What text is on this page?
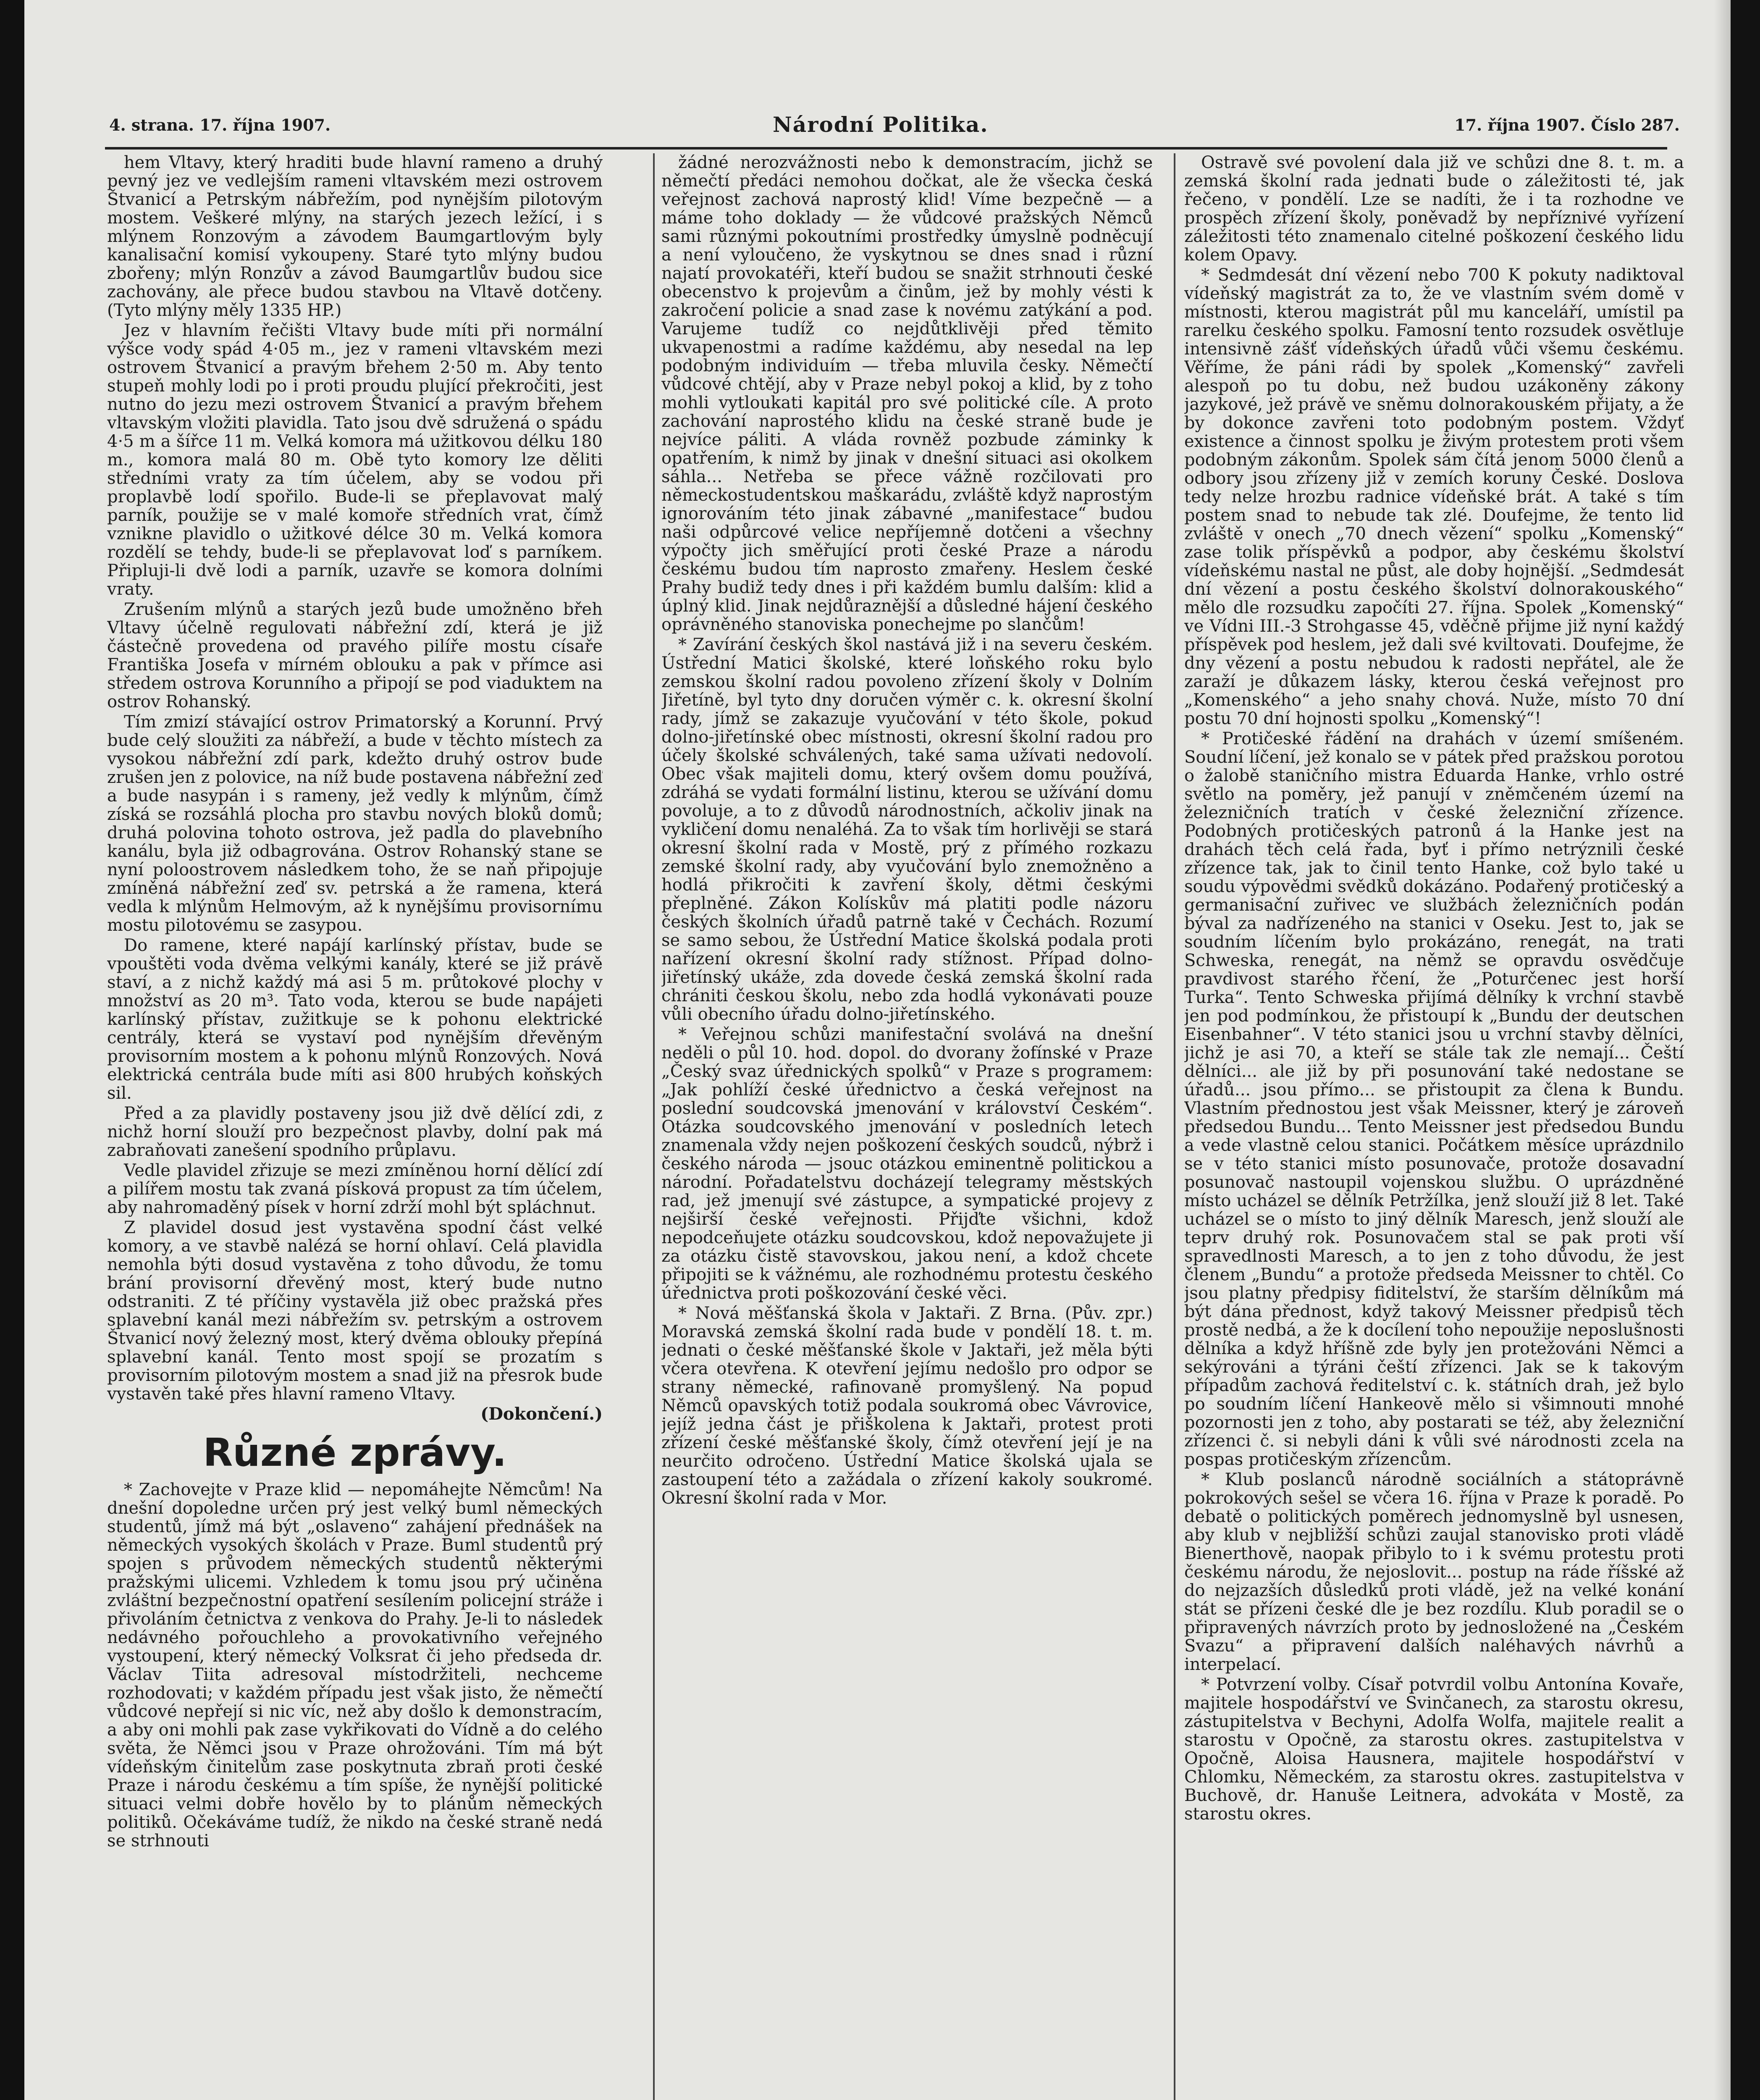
4. strana. 17. října 1907.	Národní Politika.	17. října 1907. Číslo 287.

hem Vltavy, který hraditi bude hlavní rameno a druhý pevný jez ve vedlejším rameni vltavském mezi ostrovem Štvanicí a Petrským nábřežím, pod nynějším pilotovým mostem. Veškeré mlýny, na starých jezech ležící, i s mlýnem Ronzovým a závodem Baumgartlovým byly kanalisační komisí vykoupeny. Staré tyto mlýny budou zbořeny; mlýn Ronzův a závod Baumgartlův budou sice zachovány, ale přece budou stavbou na Vltavě dotčeny. (Tyto mlýny měly 1335 HP.)

Jez v hlavním řečišti Vltavy bude míti při normální výšce vody spád 4·05 m., jez v rameni vltavském mezi ostrovem Štvanicí a pravým břehem 2·50 m. Aby tento stupeň mohly lodi po i proti proudu plující překročiti, jest nutno do jezu mezi ostrovem Štvanicí a pravým břehem vltavským vložiti plavidla. Tato jsou dvě sdružená o spádu 4·5 m a šířce 11 m. Velká komora má užitkovou délku 180 m., komora malá 80 m. Obě tyto komory lze děliti středními vraty za tím účelem, aby se vodou při proplavbě lodí spořilo. Bude-li se přeplavovat malý parník, použije se v malé komoře středních vrat, čímž vznikne plavidlo o užitkové délce 30 m. Velká komora rozdělí se tehdy, bude-li se přeplavovat loď s parníkem. Připluji-li dvě lodi a parník, uzavře se komora dolními vraty.

Zrušením mlýnů a starých jezů bude umožněno břeh Vltavy účelně regulovati nábřežní zdí, která je již částečně provedena od pravého pilíře mostu císaře Františka Josefa v mírném oblouku a pak v přímce asi středem ostrova Korunního a připojí se pod viaduktem na ostrov Rohanský.

Tím zmizí stávající ostrov Primatorský a Korunní. Prvý bude celý sloužiti za nábřeží, a bude v těchto místech za vysokou nábřežní zdí park, kdežto druhý ostrov bude zrušen jen z polovice, na níž bude postavena nábřežní zeď a bude nasypán i s rameny, jež vedly k mlýnům, čímž získá se rozsáhlá plocha pro stavbu nových bloků domů; druhá polovina tohoto ostrova, jež padla do plavebního kanálu, byla již odbagrována. Ostrov Rohanský stane se nyní poloostrovem následkem toho, že se naň připojuje zmíněná nábřežní zeď sv. petrská a že ramena, která vedla k mlýnům Helmovým, až k nynějšímu provisornímu mostu pilotovému se zasypou.

Do ramene, které napájí karlínský přístav, bude se vpouštěti voda dvěma velkými kanály, které se již právě staví, a z nichž každý má asi 5 m. průtokové plochy v množství as 20 m³. Tato voda, kterou se bude napájeti karlínský přístav, zužitkuje se k pohonu elektrické centrály, která se vystaví pod nynějším dřevěným provisorním mostem a k pohonu mlýnů Ronzových. Nová elektrická centrála bude míti asi 800 hrubých koňských sil.

Před a za plavidly postaveny jsou již dvě dělící zdi, z nichž horní slouží pro bezpečnost plavby, dolní pak má zabraňovati zanešení spodního průplavu.

Vedle plavidel zřizuje se mezi zmíněnou horní dělící zdí a pilířem mostu tak zvaná písková propust za tím účelem, aby nahromaděný písek v horní zdrží mohl být spláchnut.

Z plavidel dosud jest vystavěna spodní část velké komory, a ve stavbě nalézá se horní ohlaví. Celá plavidla nemohla býti dosud vystavěna z toho důvodu, že tomu brání provisorní dřevěný most, který bude nutno odstraniti. Z té příčiny vystavěla již obec pražská přes splavební kanál mezi nábřežím sv. petrským a ostrovem Štvanicí nový železný most, který dvěma oblouky přepíná splavební kanál. Tento most spojí se prozatím s provisorním pilotovým mostem a snad již na přesrok bude vystavěn také přes hlavní rameno Vltavy.

(Dokončení.)
Různé zprávy.

* Zachovejte v Praze klid — nepomáhejte Němcům! Na dnešní dopoledne určen prý jest velký buml německých studentů, jímž má být „oslaveno“ zahájení přednášek na německých vysokých školách v Praze. Buml studentů prý spojen s průvodem německých studentů některými pražskými ulicemi. Vzhledem k tomu jsou prý učiněna zvláštní bezpečnostní opatření sesílením policejní stráže i přivoláním četnictva z venkova do Prahy. Je-li to následek nedávného pořouchleho a provokativního veřejného vystoupení, který německý Volksrat či jeho předseda dr. Václav Tiita adresoval místodržiteli, nechceme rozhodovati; v každém případu jest však jisto, že němečtí vůdcové nepřejí si nic víc, než aby došlo k demonstracím, a aby oni mohli pak zase vykřikovati do Vídně a do celého světa, že Němci jsou v Praze ohrožováni. Tím má být vídeňským činitelům zase poskytnuta zbraň proti české Praze i národu českému a tím spíše, že nynější politické situaci velmi dobře hovělo by to plánům německých politiků. Očekáváme tudíž, že nikdo na české straně nedá se strhnouti

žádné nerozvážnosti nebo k demonstracím, jichž se němečtí předáci nemohou dočkat, ale že všecka česká veřejnost zachová naprostý klid! Víme bezpečně — a máme toho doklady — že vůdcové pražských Němců sami různými pokoutními prostředky úmyslně podněcují a není vyloučeno, že vyskytnou se dnes snad i různí najatí provokatéři, kteří budou se snažit strhnouti české obecenstvo k projevům a činům, jež by mohly vésti k zakročení policie a snad zase k novému zatýkání a pod. Varujeme tudíž co nejdůtklivěji před těmito ukvapenostmi a radíme každému, aby nesedal na lep podobným individuím — třeba mluvila česky. Němečtí vůdcové chtějí, aby v Praze nebyl pokoj a klid, by z toho mohli vytloukati kapitál pro své politické cíle. A proto zachování naprostého klidu na české straně bude je nejvíce páliti. A vláda rovněž pozbude záminky k opatřením, k nimž by jinak v dnešní situaci asi okolkem sáhla... Netřeba se přece vážně rozčilovati pro německostudentskou maškarádu, zvláště když naprostým ignorováním této jinak zábavné „manifestace“ budou naši odpůrcové velice nepříjemně dotčeni a všechny výpočty jich směřující proti české Praze a národu českému budou tím naprosto zmařeny. Heslem české Prahy budiž tedy dnes i při každém bumlu dalším: klid a úplný klid. Jinak nejdůraznější a důsledné hájení českého oprávněného stanoviska ponechejme po slančům!

* Zavírání českých škol nastává již i na severu českém. Ústřední Matici školské, které loňského roku bylo zemskou školní radou povoleno zřízení školy v Dolním Jiřetíně, byl tyto dny doručen výměr c. k. okresní školní rady, jímž se zakazuje vyučování v této škole, pokud dolno-jiřetínské obec místnosti, okresní školní radou pro účely školské schválených, také sama užívati nedovolí. Obec však majiteli domu, který ovšem domu používá, zdráhá se vydati formální listinu, kterou se užívání domu povoluje, a to z důvodů národnostních, ačkoliv jinak na vykličení domu nenaléhá. Za to však tím horlivěji se stará okresní školní rada v Mostě, prý z přímého rozkazu zemské školní rady, aby vyučování bylo znemožněno a hodlá přikročiti k zavření školy, dětmi českými přeplněné. Zákon Kolískův má platiti podle názoru českých školních úřadů patrně také v Čechách. Rozumí se samo sebou, že Ústřední Matice školská podala proti nařízení okresní školní rady stížnost. Případ dolno-jiřetínský ukáže, zda dovede česká zemská školní rada chrániti českou školu, nebo zda hodlá vykonávati pouze vůli obecního úřadu dolno-jiřetínského.

* Veřejnou schůzi manifestační svolává na dnešní neděli o půl 10. hod. dopol. do dvorany žofínské v Praze „Český svaz úřednických spolků“ v Praze s programem: „Jak pohlíží české úřednictvo a česká veřejnost na poslední soudcovská jmenování v království Českém“. Otázka soudcovského jmenování v posledních letech znamenala vždy nejen poškození českých soudců, nýbrž i českého národa — jsouc otázkou eminentně politickou a národní. Pořadatelstvu docházejí telegramy městských rad, jež jmenují své zástupce, a sympatické projevy z nejširší české veřejnosti. Přijďte všichni, kdož nepodceňujete otázku soudcovskou, kdož nepovažujete ji za otázku čistě stavovskou, jakou není, a kdož chcete připojiti se k vážnému, ale rozhodnému protestu českého úřednictva proti poškozování české věci.

* Nová měšťanská škola v Jaktaři. Z Brna. (Pův. zpr.) Moravská zemská školní rada bude v pondělí 18. t. m. jednati o české měšťanské škole v Jaktaři, jež měla býti včera otevřena. K otevření jejímu nedošlo pro odpor se strany německé, rafinovaně promyšlený. Na popud Němců opavských totiž podala soukromá obec Vávrovice, jejíž jedna část je přiškolena k Jaktaři, protest proti zřízení české měšťanské školy, čímž otevření její je na neurčito odročeno. Ústřední Matice školská ujala se zastoupení této a zažádala o zřízení kakoly soukromé. Okresní školní rada v Mor.

Ostravě své povolení dala již ve schůzi dne 8. t. m. a zemská školní rada jednati bude o záležitosti té, jak řečeno, v pondělí. Lze se nadíti, že i ta rozhodne ve prospěch zřízení školy, poněvadž by nepříznivé vyřízení záležitosti této znamenalo citelné poškození českého lidu kolem Opavy.

* Sedmdesát dní vězení nebo 700 K pokuty nadiktoval vídeňský magistrát za to, že ve vlastním svém domě v místnosti, kterou magistrát půl mu kanceláří, umístil pa rarelku českého spolku. Famosní tento rozsudek osvětluje intensivně zášť vídeňských úřadů vůči všemu českému. Věříme, že páni rádi by spolek „Komenský“ zavřeli alespoň po tu dobu, než budou uzákoněny zákony jazykové, jež právě ve sněmu dolnorakouském přijaty, a že by dokonce zavřeni toto podobným postem. Vždyť existence a činnost spolku je živým protestem proti všem podobným zákonům. Spolek sám čítá jenom 5000 členů a odbory jsou zřízeny již v zemích koruny České. Doslova tedy nelze hrozbu radnice vídeňské brát. A také s tím postem snad to nebude tak zlé. Doufejme, že tento lid zvláště v onech „70 dnech vězení“ spolku „Komenský“ zase tolik příspěvků a podpor, aby českému školství vídeňskému nastal ne půst, ale doby hojnější. „Sedmdesát dní vězení a postu českého školství dolnorakouského“ mělo dle rozsudku započíti 27. října. Spolek „Komenský“ ve Vídni III.-3 Strohgasse 45, vděčně přijme již nyní každý příspěvek pod heslem, jež dali své kviltovati. Doufejme, že dny vězení a postu nebudou k radosti nepřátel, ale že zaraží je důkazem lásky, kterou česká veřejnost pro „Komenského“ a jeho snahy chová. Nuže, místo 70 dní postu 70 dní hojnosti spolku „Komenský“!

* Protičeské řádění na drahách v území smíšeném. Soudní líčení, jež konalo se v pátek před pražskou porotou o žalobě staničního mistra Eduarda Hanke, vrhlo ostré světlo na poměry, jež panují v zněmčeném území na železničních tratích v české železniční zřízence. Podobných protičeských patronů á la Hanke jest na drahách těch celá řada, byť i přímo netrýznili české zřízence tak, jak to činil tento Hanke, což bylo také u soudu výpovědmi svědků dokázáno. Podařený protičeský a germanisační zuřivec ve službách železničních podán býval za nadřízeného na stanici v Oseku. Jest to, jak se soudním líčením bylo prokázáno, renegát, na trati Schweska, renegát, na němž se opravdu osvědčuje pravdivost starého řčení, že „Poturčenec jest horší Turka“. Tento Schweska přijímá dělníky k vrchní stavbě jen pod podmínkou, že přistoupí k „Bundu der deutschen Eisenbahner“. V této stanici jsou u vrchní stavby dělníci, jichž je asi 70, a kteří se stále tak zle nemají... Čeští dělníci... ale již by při posunování také nedostane se úřadů... jsou přímo... se přistoupit za člena k Bundu. Vlastním přednostou jest však Meissner, který je zároveň předsedou Bundu... Tento Meissner jest předsedou Bundu a vede vlastně celou stanici. Počátkem měsíce uprázdnilo se v této stanici místo posunovače, protože dosavadní posunovač nastoupil vojenskou službu. O uprázdněné místo ucházel se dělník Petržílka, jenž slouží již 8 let. Také ucházel se o místo to jiný dělník Maresch, jenž slouží ale teprv druhý rok. Posunovačem stal se pak proti vší spravedlnosti Maresch, a to jen z toho důvodu, že jest členem „Bundu“ a protože předseda Meissner to chtěl. Co jsou platny předpisy fiditelství, že starším dělníkům má být dána přednost, když takový Meissner předpisů těch prostě nedbá, a že k docílení toho nepoužije neposlušnosti dělníka a když hříšně zde byly jen protežováni Němci a sekýrováni a týráni čeští zřízenci. Jak se k takovým případům zachová ředitelství c. k. státních drah, jež bylo po soudním líčení Hankeově mělo si všimnouti mnohé pozornosti jen z toho, aby postarati se též, aby železniční zřízenci č. si nebyli dáni k vůli své národnosti zcela na pospas protičeským zřízencům.

* Klub poslanců národně sociálních a státoprávně pokrokových sešel se včera 16. října v Praze k poradě. Po debatě o politických poměrech jednomyslně byl usnesen, aby klub v nejbližší schůzi zaujal stanovisko proti vládě Bienerthově, naopak přibylo to i k svému protestu proti českému národu, že nejoslovit... postup na ráde říšské až do nejzazších důsledků proti vládě, jež na velké konání stát se přízeni české dle je bez rozdílu. Klub poradil se o připravených návrzích proto by jednosložené na „Českém Svazu“ a připravení dalších naléhavých návrhů a interpelací.

* Potvrzení volby. Císař potvrdil volbu Antonína Kovaře, majitele hospodářství ve Svinčanech, za starostu okresu, zástupitelstva v Bechyni, Adolfa Wolfa, majitele realit a starostu v Opočně, za starostu okres. zastupitelstva v Opočně, Aloisa Hausnera, majitele hospodářství v Chlomku, Německém, za starostu okres. zastupitelstva v Buchově, dr. Hanuše Leitnera, advokáta v Mostě, za starostu okres.
